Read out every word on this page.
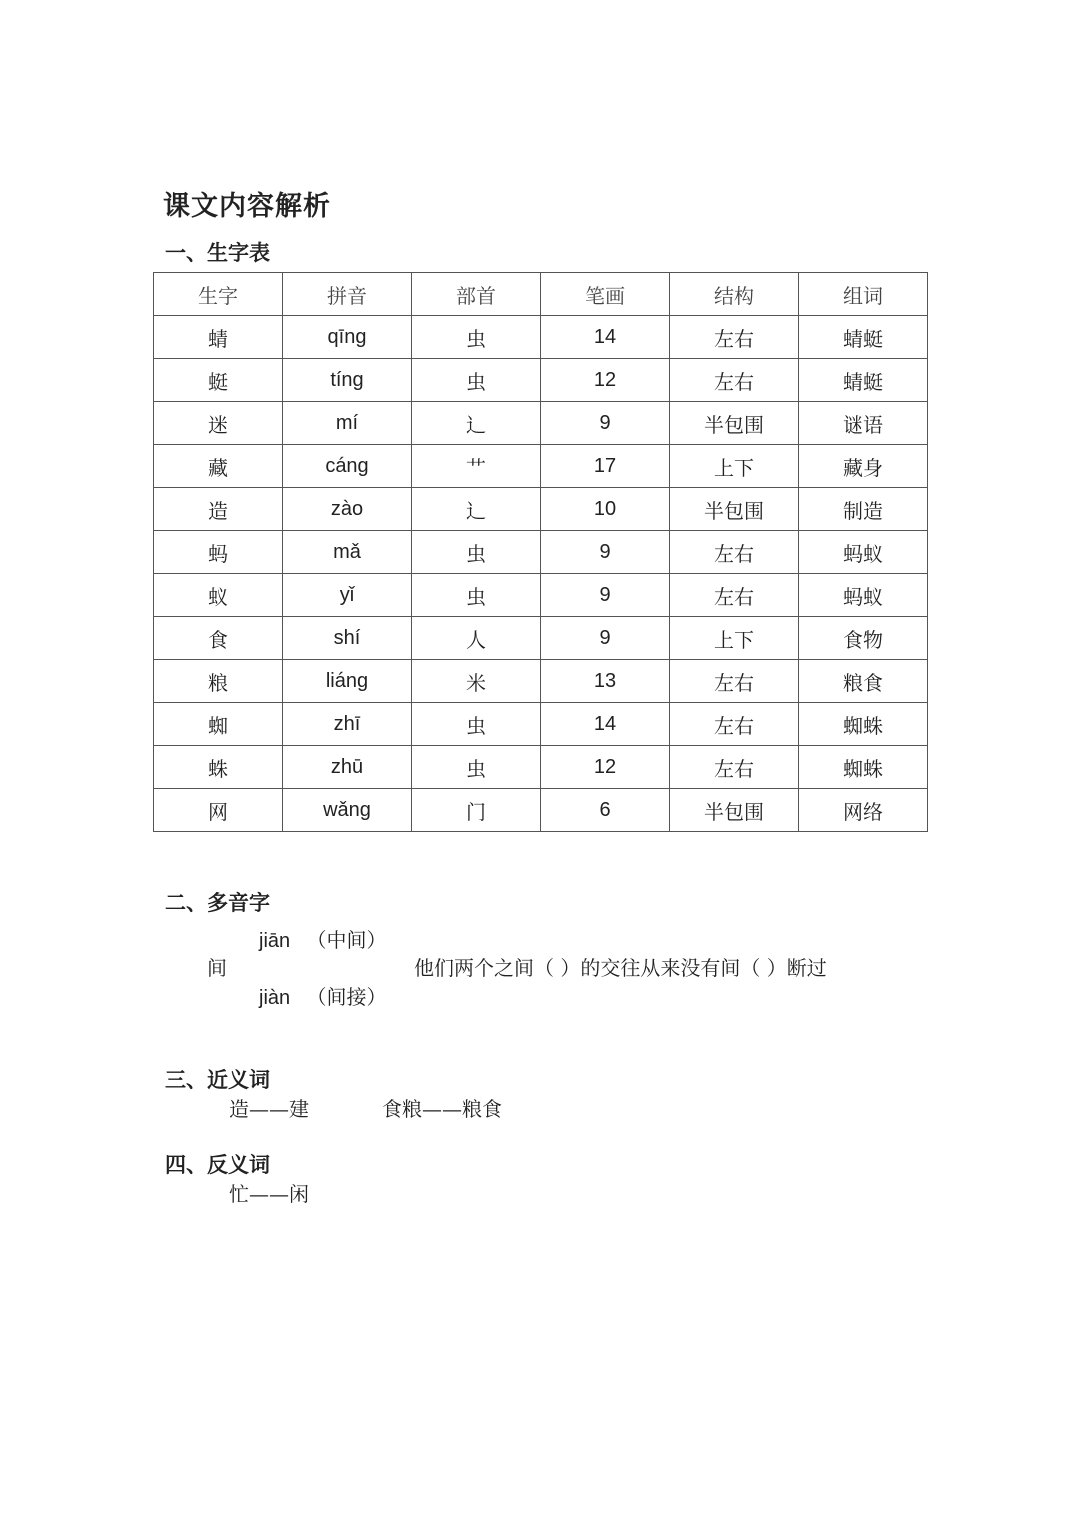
课文内容解析
一、生字表
生字	拼音	部首	笔画	结构	组词
蜻	qīng	虫	14	左右	蜻蜓
蜓	tíng	虫	12	左右	蜻蜓
迷	mí	辶	9	半包围	谜语
藏	cáng	艹	17	上下	藏身
造	zào	辶	10	半包围	制造
蚂	mǎ	虫	9	左右	蚂蚁
蚁	yǐ	虫	9	左右	蚂蚁
食	shí	人	9	上下	食物
粮	liáng	米	13	左右	粮食
蜘	zhī	虫	14	左右	蜘蛛
蛛	zhū	虫	12	左右	蜘蛛
网	wǎng	门	6	半包围	网络
二、多音字
jiān （中间）
间	他们两个之间（ ）的交往从来没有间（ ）断过
jiàn （间接）
三、近义词
造——建	食粮——粮食
四、反义词
忙——闲
